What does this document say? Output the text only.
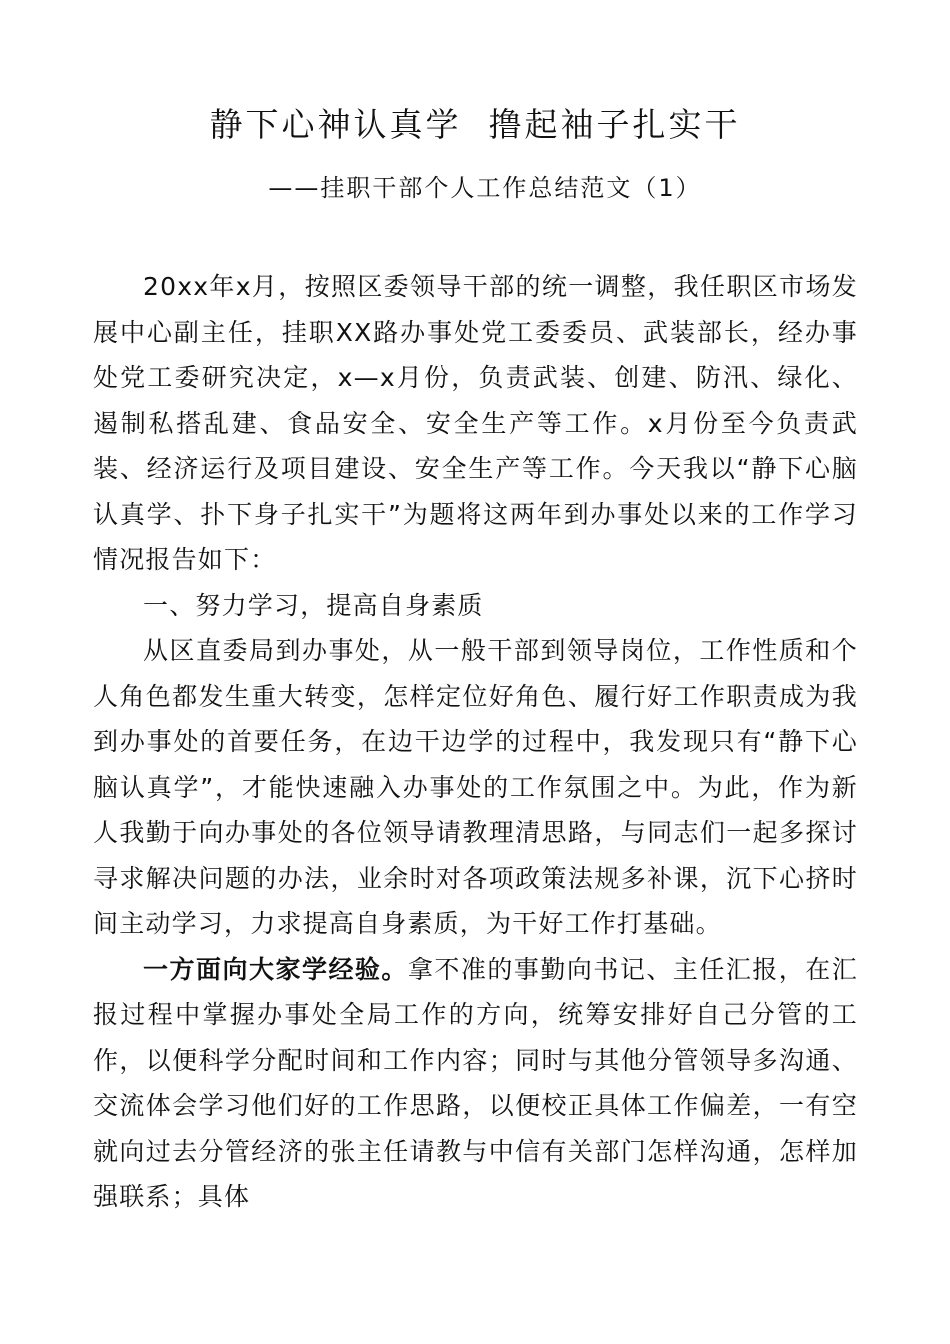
静下心神认真学  撸起袖子扎实干
——挂职干部个人工作总结范文（1）

20xx年x月，按照区委领导干部的统一调整，我任职区市场发展中心副主任，挂职XX路办事处党工委委员、武装部长，经办事处党工委研究决定，x—x月份，负责武装、创建、防汛、绿化、遏制私搭乱建、食品安全、安全生产等工作。x月份至今负责武装、经济运行及项目建设、安全生产等工作。今天我以“静下心脑认真学、扑下身子扎实干”为题将这两年到办事处以来的工作学习情况报告如下：

一、努力学习，提高自身素质

从区直委局到办事处，从一般干部到领导岗位，工作性质和个人角色都发生重大转变，怎样定位好角色、履行好工作职责成为我到办事处的首要任务，在边干边学的过程中，我发现只有“静下心脑认真学”，才能快速融入办事处的工作氛围之中。为此，作为新人我勤于向办事处的各位领导请教理清思路，与同志们一起多探讨寻求解决问题的办法，业余时对各项政策法规多补课，沉下心挤时间主动学习，力求提高自身素质，为干好工作打基础。

一方面向大家学经验。拿不准的事勤向书记、主任汇报，在汇报过程中掌握办事处全局工作的方向，统筹安排好自己分管的工作，以便科学分配时间和工作内容；同时与其他分管领导多沟通、交流体会学习他们好的工作思路，以便校正具体工作偏差，一有空就向过去分管经济的张主任请教与中信有关部门怎样沟通，怎样加强联系；具体
